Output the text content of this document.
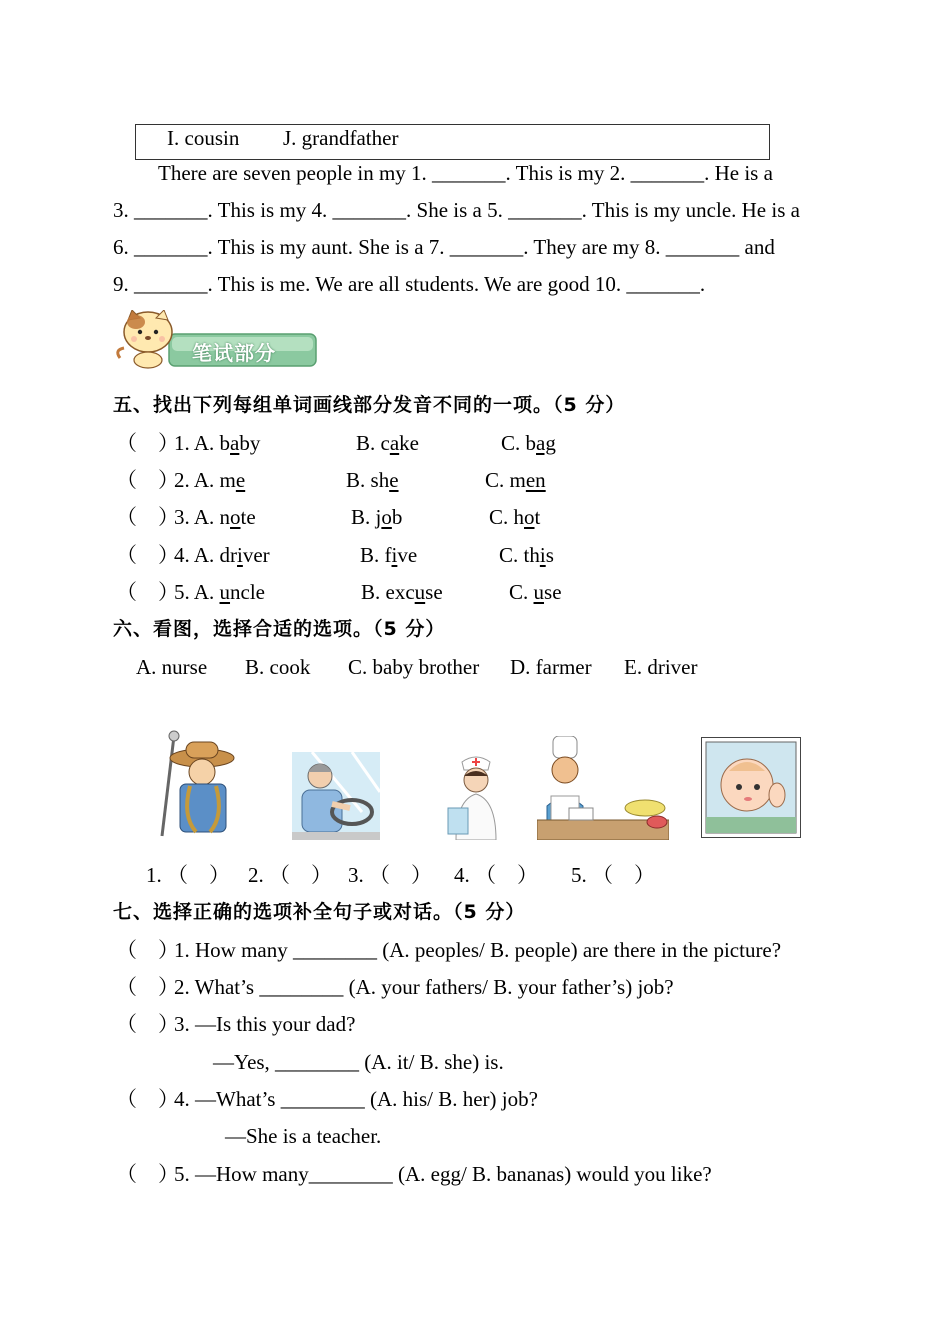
I. cousin J. grandfather
There are seven people in my 1. _______. This is my 2. _______. He is a
3. _______. This is my 4. _______. She is a 5. _______. This is my uncle. He is a
6. _______. This is my aunt. She is a 7. _______. They are my 8. _______ and
9. _______. This is me. We are all students. We are good 10. _______.
笔试部分
五、找出下列每组单词画线部分发音不同的一项。（5 分）
（　）
1. A. baby	B. cake	C. bag
（　）
2. A. me	B. she	C. men
（　）
3. A. note	B. job	C. hot
（　）
4. A. driver	B. five	C. this
（　）
5. A. uncle	B. excuse	C. use
六、看图，选择合适的选项。（5 分）
A. nurse B. cook C. baby brother D. farmer E. driver
1. （　） 2. （　） 3. （　） 4. （　） 5. （　）
七、选择正确的选项补全句子或对话。（5 分）
（　）
1. How many ________ (A. peoples/ B. people) are there in the picture?
（　）
2. What’s ________ (A. your fathers/ B. your father’s) job?
（　）
3. —Is this your dad?
—Yes, ________ (A. it/ B. she) is.
（　）
4. —What’s ________ (A. his/ B. her) job?
—She is a teacher.
（　）
5. —How many________ (A. egg/ B. bananas) would you like?
